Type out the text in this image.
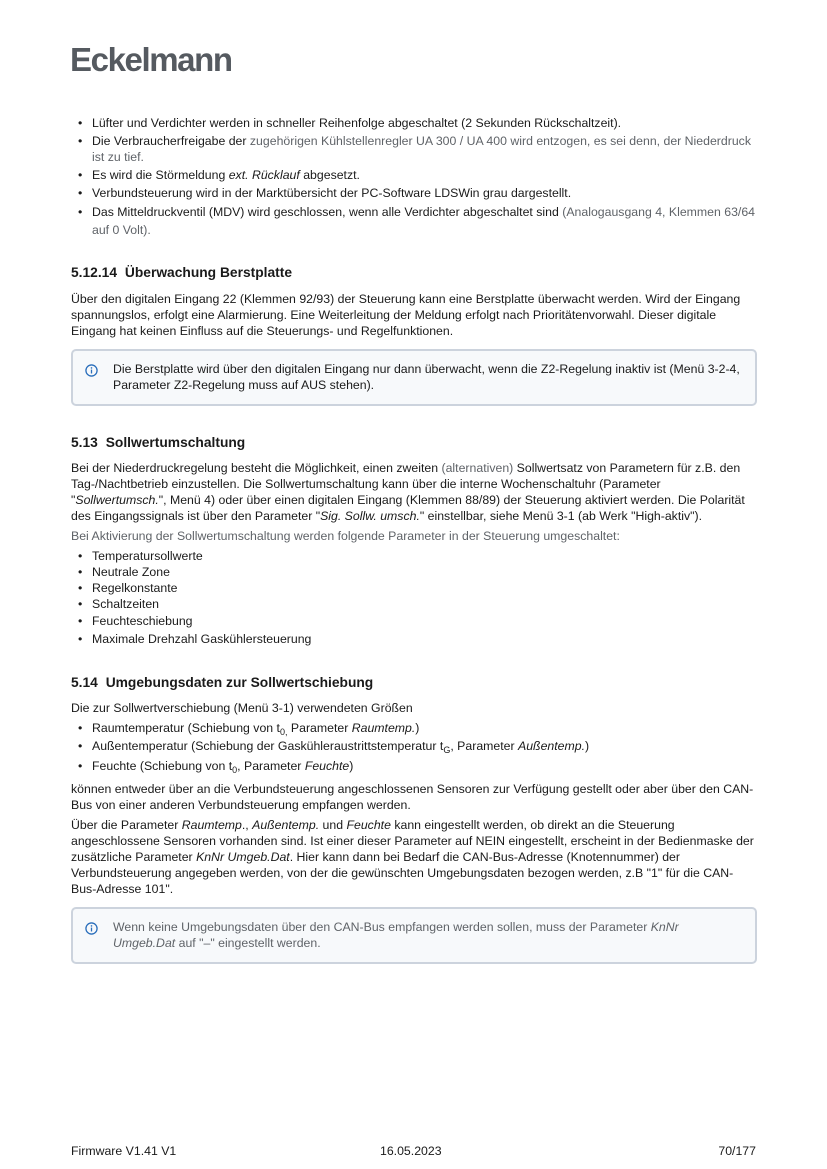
Eckelmann
• Lüfter und Verdichter werden in schneller Reihenfolge abgeschaltet (2 Sekunden Rückschaltzeit).
• Die Verbraucherfreigabe der zugehörigen Kühlstellenregler UA 300 / UA 400 wird entzogen, es sei denn, der Niederdruck ist zu tief.
• Es wird die Störmeldung ext. Rücklauf abgesetzt.
• Verbundsteuerung wird in der Marktübersicht der PC-Software LDSWin grau dargestellt.
• Das Mitteldruckventil (MDV) wird geschlossen, wenn alle Verdichter abgeschaltet sind (Analogausgang 4, Klemmen 63/64 auf 0 Volt).
5.12.14 Überwachung Berstplatte

Über den digitalen Eingang 22 (Klemmen 92/93) der Steuerung kann eine Berstplatte überwacht werden. Wird der Eingang spannungslos, erfolgt eine Alarmierung. Eine Weiterleitung der Meldung erfolgt nach Prioritätenvorwahl. Dieser digitale Eingang hat keinen Einfluss auf die Steuerungs- und Regelfunktionen.

Die Berstplatte wird über den digitalen Eingang nur dann überwacht, wenn die Z2-Regelung inaktiv ist (Menü 3-2-4, Parameter Z2-Regelung muss auf AUS stehen).
5.13 Sollwertumschaltung

Bei der Niederdruckregelung besteht die Möglichkeit, einen zweiten (alternativen) Sollwertsatz von Parametern für z.B. den Tag-/Nachtbetrieb einzustellen. Die Sollwertumschaltung kann über die interne Wochenschaltuhr (Parameter "Sollwertumsch.", Menü 4) oder über einen digitalen Eingang (Klemmen 88/89) der Steuerung aktiviert werden. Die Polarität des Eingangssignals ist über den Parameter "Sig. Sollw. umsch." einstellbar, siehe Menü 3-1 (ab Werk "High-aktiv").

Bei Aktivierung der Sollwertumschaltung werden folgende Parameter in der Steuerung umgeschaltet:

• Temperatursollwerte
• Neutrale Zone
• Regelkonstante
• Schaltzeiten
• Feuchteschiebung
• Maximale Drehzahl Gaskühlersteuerung
5.14 Umgebungsdaten zur Sollwertschiebung

Die zur Sollwertverschiebung (Menü 3-1) verwendeten Größen

• Raumtemperatur (Schiebung von $t_{0,}$ Parameter Raumtemp.)
• Außentemperatur (Schiebung der Gaskühleraustrittstemperatur $t_G$, Parameter Außentemp.)
• Feuchte (Schiebung von $t_0$, Parameter Feuchte)

können entweder über an die Verbundsteuerung angeschlossenen Sensoren zur Verfügung gestellt oder aber über den CAN-Bus von einer anderen Verbundsteuerung empfangen werden.

Über die Parameter Raumtemp., Außentemp. und Feuchte kann eingestellt werden, ob direkt an die Steuerung angeschlossene Sensoren vorhanden sind. Ist einer dieser Parameter auf NEIN eingestellt, erscheint in der Bedienmaske der zusätzliche Parameter KnNr Umgeb.Dat. Hier kann dann bei Bedarf die CAN-Bus-Adresse (Knotennummer) der Verbundsteuerung angegeben werden, von der die gewünschten Umgebungsdaten bezogen werden, z.B "1" für die CAN-Bus-Adresse 101".

Wenn keine Umgebungsdaten über den CAN-Bus empfangen werden sollen, muss der Parameter KnNr Umgeb.Dat auf "–" eingestellt werden.
Firmware V1.41 V1	16.05.2023	70/177
